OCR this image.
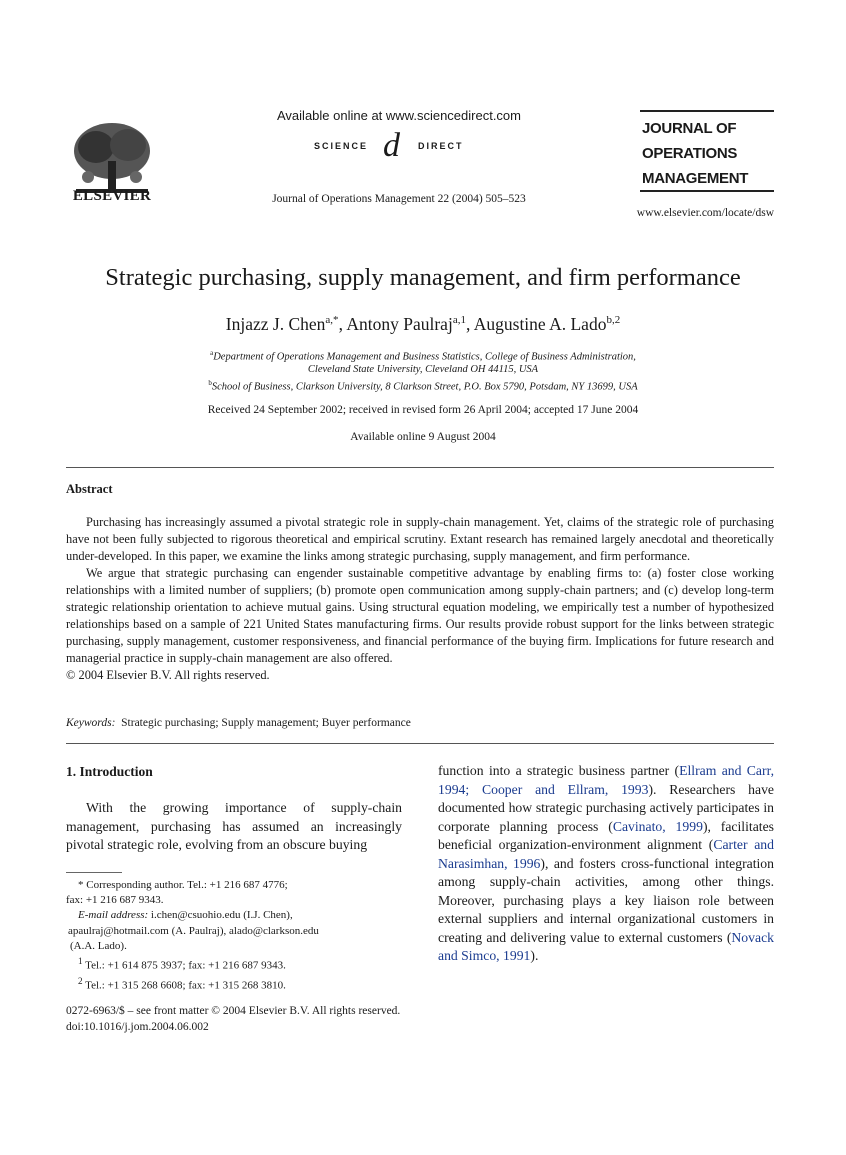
ELSEVIER
Available online at www.sciencedirect.com
SCIENCE d DIRECT
Journal of Operations Management 22 (2004) 505–523
JOURNAL OF
OPERATIONS
MANAGEMENT
www.elsevier.com/locate/dsw
Strategic purchasing, supply management, and firm performance
Injazz J. Chen$^{a,*}$, Antony Paulraj$^{a,1}$, Augustine A. Lado$^{b,2}$
$^a$Department of Operations Management and Business Statistics, College of Business Administration,
Cleveland State University, Cleveland OH 44115, USA
$^b$School of Business, Clarkson University, 8 Clarkson Street, P.O. Box 5790, Potsdam, NY 13699, USA
Received 24 September 2002; received in revised form 26 April 2004; accepted 17 June 2004
Available online 9 August 2004
Abstract

Purchasing has increasingly assumed a pivotal strategic role in supply-chain management. Yet, claims of the strategic role of purchasing have not been fully subjected to rigorous theoretical and empirical scrutiny. Extant research has remained largely anecdotal and theoretically under-developed. In this paper, we examine the links among strategic purchasing, supply management, and firm performance.

We argue that strategic purchasing can engender sustainable competitive advantage by enabling firms to: (a) foster close working relationships with a limited number of suppliers; (b) promote open communication among supply-chain partners; and (c) develop long-term strategic relationship orientation to achieve mutual gains. Using structural equation modeling, we empirically test a number of hypothesized relationships based on a sample of 221 United States manufacturing firms. Our results provide robust support for the links between strategic purchasing, supply management, customer responsiveness, and financial performance of the buying firm. Implications for future research and managerial practice in supply-chain management are also offered.

© 2004 Elsevier B.V. All rights reserved.

Keywords: Strategic purchasing; Supply management; Buyer performance
1. Introduction
With the growing importance of supply-chain management, purchasing has assumed an increasingly pivotal strategic role, evolving from an obscure buying
* Corresponding author. Tel.: +1 216 687 4776;
fax: +1 216 687 9343.
E-mail address: i.chen@csuohio.edu (I.J. Chen),
apaulraj@hotmail.com (A. Paulraj), alado@clarkson.edu
(A.A. Lado).
$^1$ Tel.: +1 614 875 3937; fax: +1 216 687 9343.
$^2$ Tel.: +1 315 268 6608; fax: +1 315 268 3810.
function into a strategic business partner (Ellram and Carr, 1994; Cooper and Ellram, 1993). Researchers have documented how strategic purchasing actively participates in corporate planning process (Cavinato, 1999), facilitates beneficial organization-environment alignment (Carter and Narasimhan, 1996), and fosters cross-functional integration among supply-chain activities, among other things. Moreover, purchasing plays a key liaison role between external suppliers and internal organizational customers in creating and delivering value to external customers (Novack and Simco, 1991).
0272-6963/$ – see front matter © 2004 Elsevier B.V. All rights reserved.
doi:10.1016/j.jom.2004.06.002
